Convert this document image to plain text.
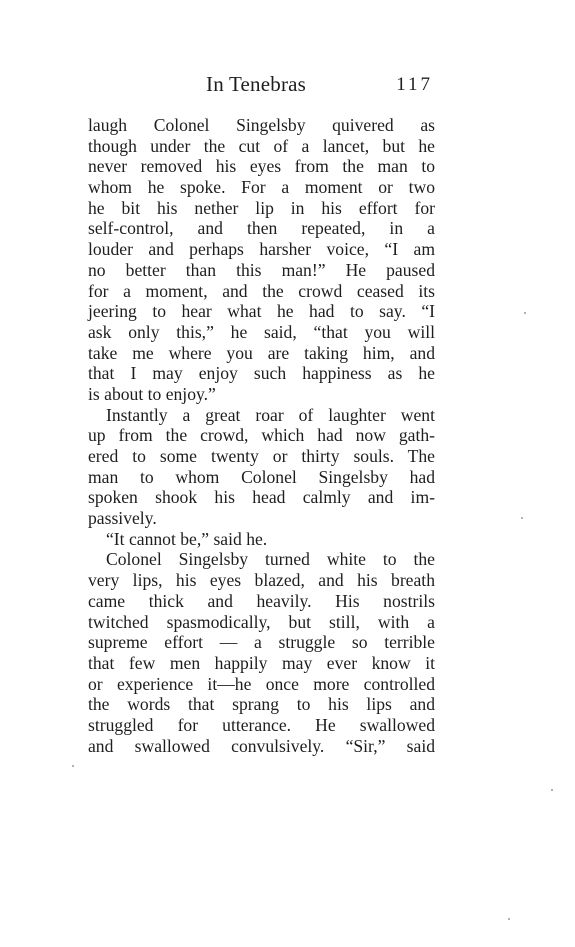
In Tenebras	117
laugh Colonel Singelsby quivered as
though under the cut of a lancet, but he
never removed his eyes from the man to
whom he spoke. For a moment or two
he bit his nether lip in his effort for
self-control, and then repeated, in a
louder and perhaps harsher voice, “I am
no better than this man!” He paused
for a moment, and the crowd ceased its
jeering to hear what he had to say. “I
ask only this,” he said, “that you will
take me where you are taking him, and
that I may enjoy such happiness as he
is about to enjoy.”
Instantly a great roar of laughter went
up from the crowd, which had now gath-
ered to some twenty or thirty souls. The
man to whom Colonel Singelsby had
spoken shook his head calmly and im-
passively.
“It cannot be,” said he.
Colonel Singelsby turned white to the
very lips, his eyes blazed, and his breath
came thick and heavily. His nostrils
twitched spasmodically, but still, with a
supreme effort — a struggle so terrible
that few men happily may ever know it
or experience it—he once more controlled
the words that sprang to his lips and
struggled for utterance. He swallowed
and swallowed convulsively. “Sir,” said
